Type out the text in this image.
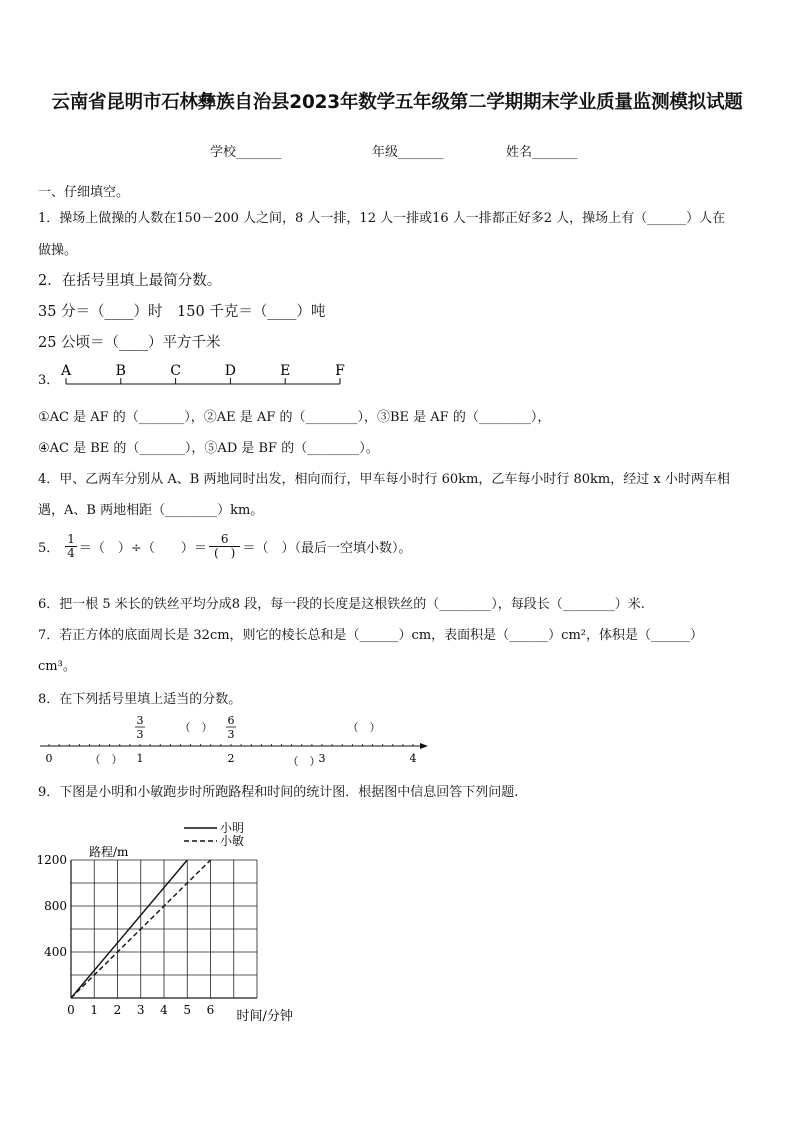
云南省昆明市石林彝族自治县2023年数学五年级第二学期期末学业质量监测模拟试题
学校_______	年级_______	姓名_______
一、仔细填空。
1．操场上做操的人数在150－200 人之间，8 人一排，12 人一排或16 人一排都正好多2 人，操场上有（______）人在
做操。
2．在括号里填上最简分数。
35 分＝（____）时　150 千克＝（____）吨
25 公顷＝（____）平方千米
3．
A	B	C	D	E	F
①AC 是 AF 的（_______），②AE 是 AF 的（________），③BE 是 AF 的（________），
④AC 是 BE 的（_______），⑤AD 是 BF 的（________）。
4．甲、乙两车分别从 A、B 两地同时出发，相向而行，甲车每小时行 60km，乙车每小时行 80km，经过 x 小时两车相
遇，A、B 两地相距（________）km。
5． $\frac{1}{4}$ ＝（　）÷（　　）＝ $\frac{6}{( )}$ ＝（　）（最后一空填小数）。
6．把一根 5 米长的铁丝平均分成8 段，每一段的长度是这根铁丝的（________），每段长（________）米.
7．若正方体的底面周长是 32cm，则它的棱长总和是（______）cm，表面积是（______）cm²，体积是（______）
cm³。
8．在下列括号里填上适当的分数。
0	1	2	3	4
3
3
6
3
（　）	（　）
（　）	（　）
9．下图是小明和小敏跑步时所跑路程和时间的统计图．根据图中信息回答下列问题.
0 1 2 3 4 5 6
400
800
1200
路程/m
时间/分钟
小明
小敏
